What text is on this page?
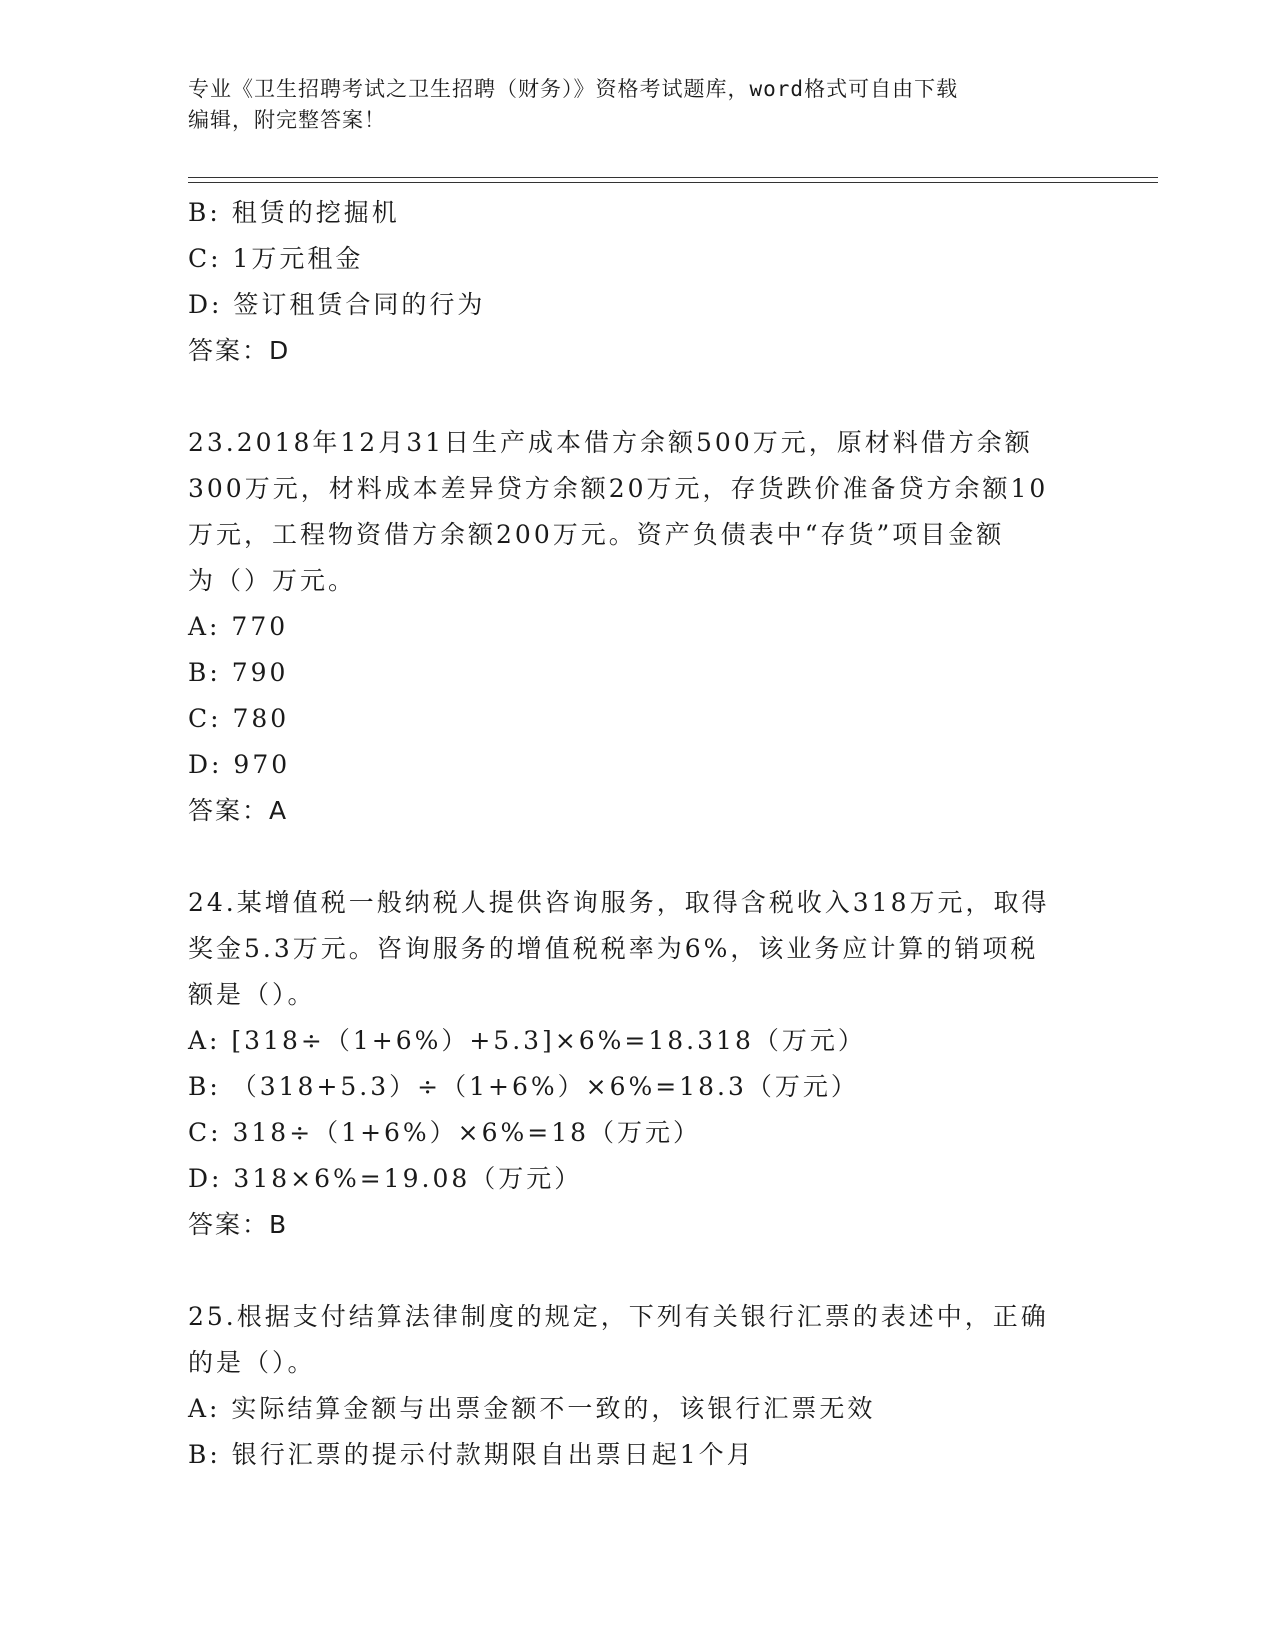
专业《卫生招聘考试之卫生招聘（财务）》资格考试题库，word格式可自由下载
编辑，附完整答案！
B: 租赁的挖掘机
C: 1万元租金
D: 签订租赁合同的行为
答案：D
23.2018年12月31日生产成本借方余额500万元，原材料借方余额
300万元，材料成本差异贷方余额20万元，存货跌价准备贷方余额10
万元，工程物资借方余额200万元。资产负债表中“存货”项目金额
为（）万元。
A: 770
B: 790
C: 780
D: 970
答案：A
24.某增值税一般纳税人提供咨询服务，取得含税收入318万元，取得
奖金5.3万元。咨询服务的增值税税率为6%，该业务应计算的销项税
额是（）。
A: [318÷（1+6%）+5.3]×6%=18.318（万元）
B: （318+5.3）÷（1+6%）×6%=18.3（万元）
C: 318÷（1+6%）×6%=18（万元）
D: 318×6%=19.08（万元）
答案：B
25.根据支付结算法律制度的规定，下列有关银行汇票的表述中，正确
的是（）。
A: 实际结算金额与出票金额不一致的，该银行汇票无效
B: 银行汇票的提示付款期限自出票日起1个月
